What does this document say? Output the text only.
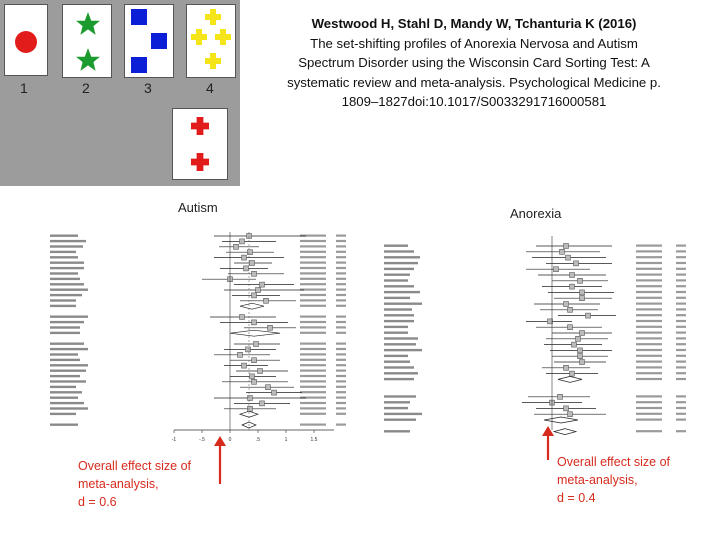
1	2	3	4
Westwood H, Stahl D, Mandy W, Tchanturia K (2016)
The set-shifting profiles of Anorexia Nervosa and Autism
Spectrum Disorder using the Wisconsin Card Sorting Test: A
systematic review and meta-analysis. Psychological Medicine p.
1809–1827doi:10.1017/S0033291716000581
Autism
-1	-.5	0	.5	1	1.5
Anorexia
Overall effect size of
meta-analysis,
d = 0.6
Overall effect size of
meta-analysis,
d = 0.4
